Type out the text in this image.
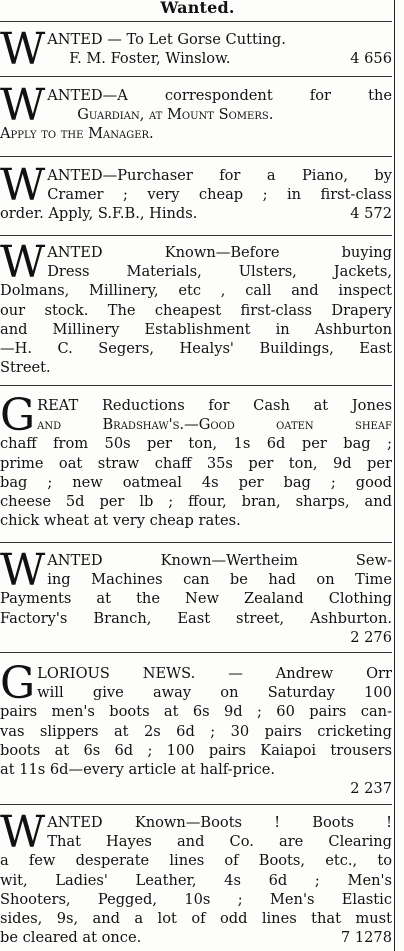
Wanted.
W ANTED — To Let Gorse Cutting.
F. M. Foster, Winslow.	4 656
W ANTED—A correspondent for the
Guardian, at Mount Somers.
Apply to the Manager.
W ANTED—Purchaser for a Piano, by
Cramer ; very cheap ; in first-class
order. Apply, S.F.B., Hinds.	4 572
W ANTED Known—Before buying
Dress Materials, Ulsters, Jackets,
Dolmans, Millinery, etc , call and inspect
our stock. The cheapest first-class Drapery
and Millinery Establishment in Ashburton
—H. C. Segers, Healys' Buildings, East
Street.
G REAT Reductions for Cash at Jones
and Bradshaw's.—Good oaten sheaf
chaff from 50s per ton, 1s 6d per bag ;
prime oat straw chaff 35s per ton, 9d per
bag ; new oatmeal 4s per bag ; good
cheese 5d per lb ; ffour, bran, sharps, and
chick wheat at very cheap rates.
W ANTED Known—Wertheim Sew-
ing Machines can be had on Time
Payments at the New Zealand Clothing
Factory's Branch, East street, Ashburton.
2 276
G LORIOUS NEWS. — Andrew Orr
will give away on Saturday 100
pairs men's boots at 6s 9d ; 60 pairs can-
vas slippers at 2s 6d ; 30 pairs cricketing
boots at 6s 6d ; 100 pairs Kaiapoi trousers
at 11s 6d—every article at half-price.
2 237
W ANTED Known—Boots ! Boots !
That Hayes and Co. are Clearing
a few desperate lines of Boots, etc., to
wit, Ladies' Leather, 4s 6d ; Men's
Shooters, Pegged, 10s ; Men's Elastic
sides, 9s, and a lot of odd lines that must
be cleared at once.	7 1278
